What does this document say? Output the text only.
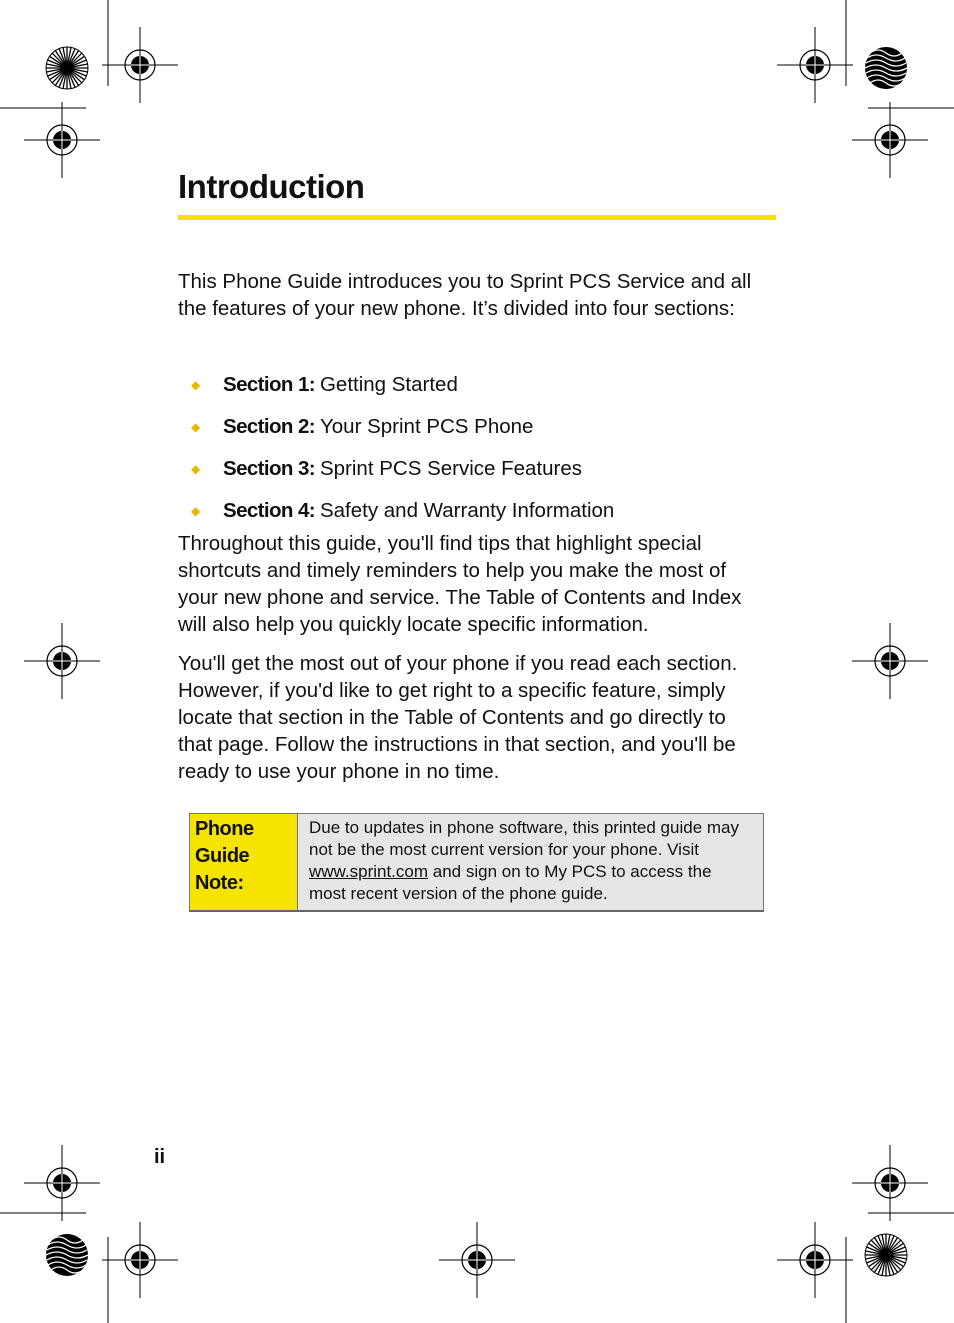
Introduction

This Phone Guide introduces you to Sprint PCS Service and all the features of your new phone. It’s divided into four sections:

◆ Section 1: Getting Started
◆ Section 2: Your Sprint PCS Phone
◆ Section 3: Sprint PCS Service Features
◆ Section 4: Safety and Warranty Information

Throughout this guide, you'll find tips that highlight special shortcuts and timely reminders to help you make the most of your new phone and service. The Table of Contents and Index will also help you quickly locate specific information.

You'll get the most out of your phone if you read each section. However, if you'd like to get right to a specific feature, simply locate that section in the Table of Contents and go directly to that page. Follow the instructions in that section, and you'll be ready to use your phone in no time.

Phone
Guide
Note:
Due to updates in phone software, this printed guide may not be the most current version for your phone. Visit www.sprint.com and sign on to My PCS to access the most recent version of the phone guide.
ii
